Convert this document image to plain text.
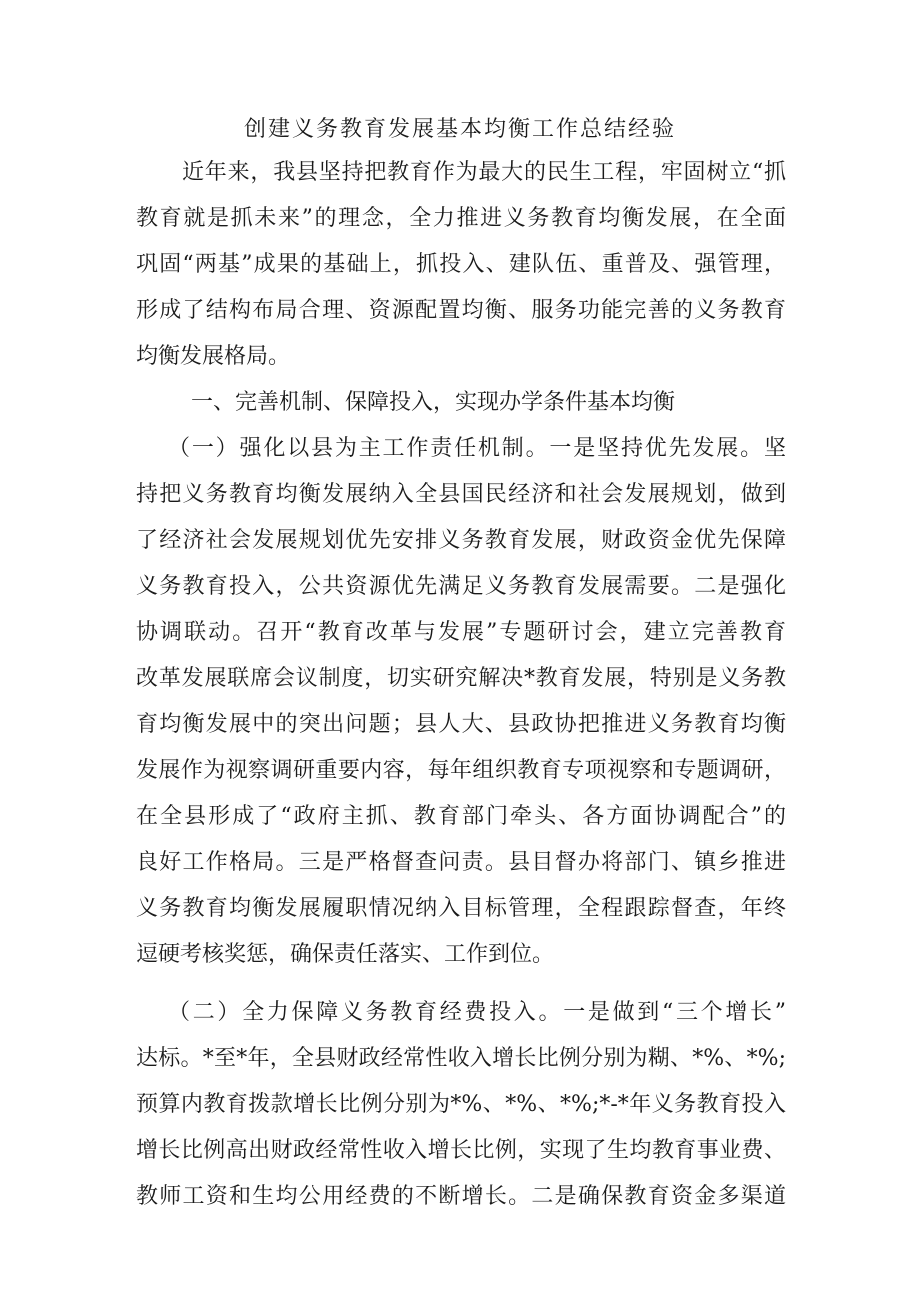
创建义务教育发展基本均衡工作总结经验
近年来，我县坚持把教育作为最大的民生工程，牢固树立“抓
教育就是抓未来”的理念，全力推进义务教育均衡发展，在全面
巩固“两基”成果的基础上，抓投入、建队伍、重普及、强管理，
形成了结构布局合理、资源配置均衡、服务功能完善的义务教育
均衡发展格局。
一、完善机制、保障投入，实现办学条件基本均衡
（一）强化以县为主工作责任机制。一是坚持优先发展。坚
持把义务教育均衡发展纳入全县国民经济和社会发展规划，做到
了经济社会发展规划优先安排义务教育发展，财政资金优先保障
义务教育投入，公共资源优先满足义务教育发展需要。二是强化
协调联动。召开“教育改革与发展”专题研讨会，建立完善教育
改革发展联席会议制度，切实研究解决*教育发展，特别是义务教
育均衡发展中的突出问题；县人大、县政协把推进义务教育均衡
发展作为视察调研重要内容，每年组织教育专项视察和专题调研，
在全县形成了“政府主抓、教育部门牵头、各方面协调配合”的
良好工作格局。三是严格督查问责。县目督办将部门、镇乡推进
义务教育均衡发展履职情况纳入目标管理，全程跟踪督查，年终
逗硬考核奖惩，确保责任落实、工作到位。
（二）全力保障义务教育经费投入。一是做到“三个增长”
达标。*至*年，全县财政经常性收入增长比例分别为糊、*%、*%;
预算内教育拨款增长比例分别为*%、*%、*%;*-*年义务教育投入
增长比例高出财政经常性收入增长比例，实现了生均教育事业费、
教师工资和生均公用经费的不断增长。二是确保教育资金多渠道
